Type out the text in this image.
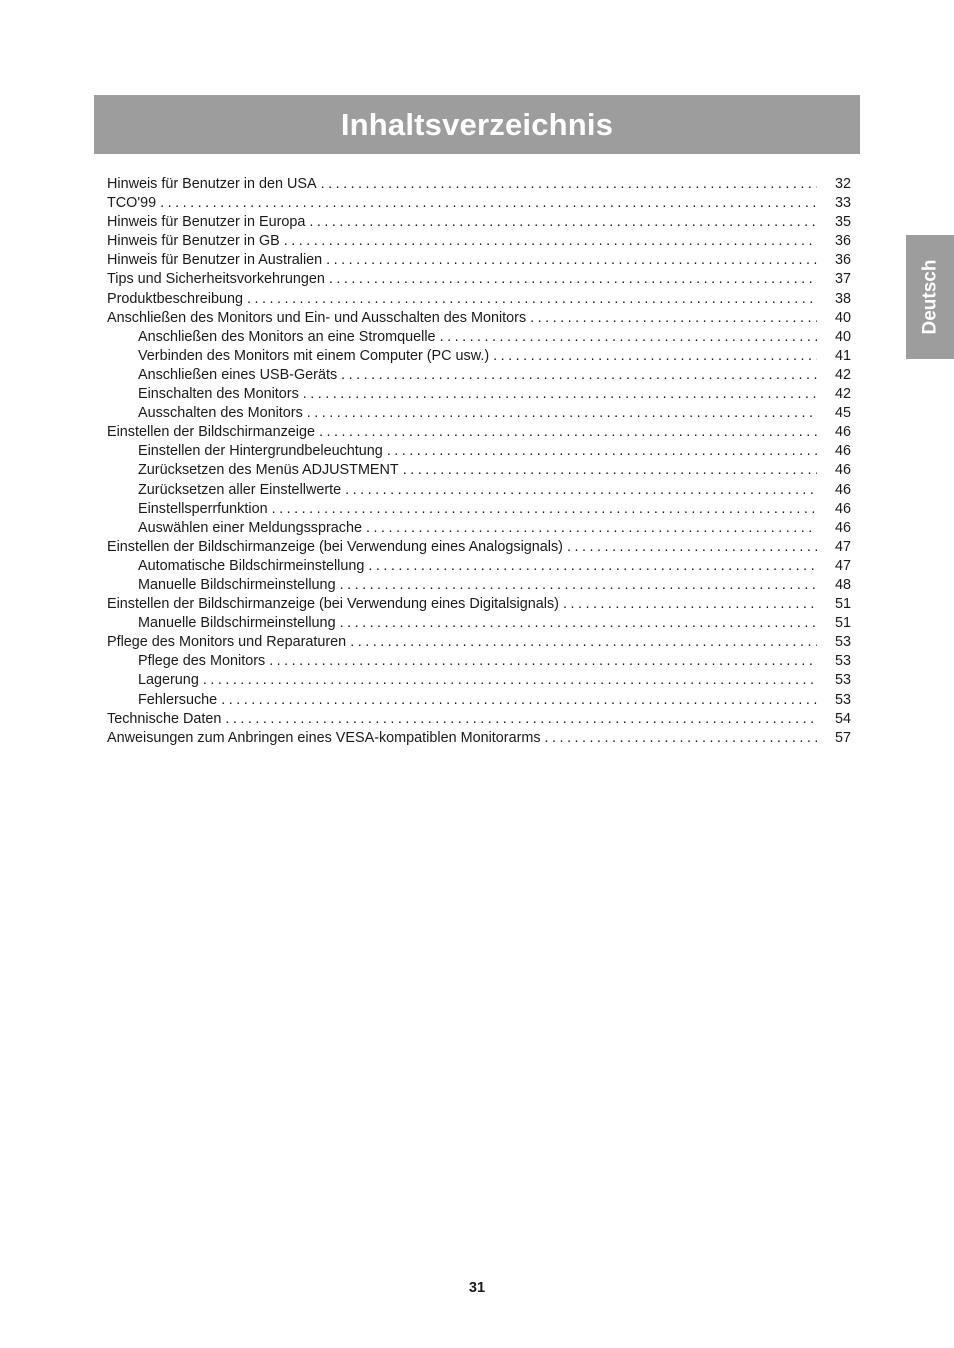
Inhaltsverzeichnis
Deutsch
Hinweis für Benutzer in den USA . . .	32
TCO'99 . . .	33
Hinweis für Benutzer in Europa . . .	35
Hinweis für Benutzer in GB . . .	36
Hinweis für Benutzer in Australien . . .	36
Tips und Sicherheitsvorkehrungen . . .	37
Produktbeschreibung . . .	38
Anschließen des Monitors und Ein- und Ausschalten des Monitors . . .	40
Anschließen des Monitors an eine Stromquelle . . .	40
Verbinden des Monitors mit einem Computer (PC usw.) . . .	41
Anschließen eines USB-Geräts . . .	42
Einschalten des Monitors . . .	42
Ausschalten des Monitors . . .	45
Einstellen der Bildschirmanzeige . . .	46
Einstellen der Hintergrundbeleuchtung . . .	46
Zurücksetzen des Menüs ADJUSTMENT . . .	46
Zurücksetzen aller Einstellwerte . . .	46
Einstellsperrfunktion . . .	46
Auswählen einer Meldungssprache . . .	46
Einstellen der Bildschirmanzeige (bei Verwendung eines Analogsignals) . . .	47
Automatische Bildschirmeinstellung . . .	47
Manuelle Bildschirmeinstellung . . .	48
Einstellen der Bildschirmanzeige (bei Verwendung eines Digitalsignals) . . .	51
Manuelle Bildschirmeinstellung . . .	51
Pflege des Monitors und Reparaturen . . .	53
Pflege des Monitors . . .	53
Lagerung . . .	53
Fehlersuche . . .	53
Technische Daten . . .	54
Anweisungen zum Anbringen eines VESA-kompatiblen Monitorarms . . .	57
31
